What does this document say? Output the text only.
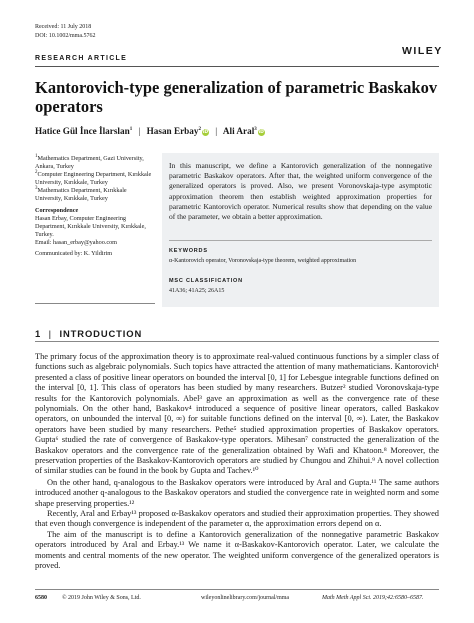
Received: 11 July 2018
DOI: 10.1002/mma.5762
RESEARCH ARTICLE
WILEY
Kantorovich-type generalization of parametric Baskakov operators
Hatice Gül İnce İlarslan$^1$ | Hasan Erbay$^2$iD | Ali Aral$^3$iD
$^1$Mathematics Department, Gazi University, Ankara, Turkey
$^2$Computer Engineering Department, Kırıkkale University, Kırıkkale, Turkey
$^3$Mathematics Department, Kırıkkale University, Kırıkkale, Turkey
Correspondence
Hasan Erbay, Computer Engineering Department, Kırıkkale University, Kırıkkale, Turkey.
Email: hasan_erbay@yahoo.com
Communicated by: K. Yildirim
In this manuscript, we define a Kantorovich generalization of the nonnegative parametric Baskakov operators. After that, the weighted uniform convergence of the generalized operators is proved. Also, we present Voronovskaja-type asymptotic approximation theorem then establish weighted approximation properties for parametric Kantorovich operator. Numerical results show that depending on the value of the parameter, we obtain a better approximation.
KEYWORDS
α-Kantorovich operator, Voronovskaja-type theorem, weighted approximation
MSC CLASSIFICATION
41A36; 41A25; 26A15
1 | INTRODUCTION
The primary focus of the approximation theory is to approximate real-valued continuous functions by a simpler class of functions such as algebraic polynomials. Such topics have attracted the attention of many mathematicians. Kantorovich¹ presented a class of positive linear operators on bounded the interval [0, 1] for Lebesgue integrable functions defined on the interval [0, 1]. This class of operators has been studied by many researchers. Butzer² studied Voronovskaja-type results for the Kantorovich polynomials. Abel³ gave an approximation as well as the convergence rate of these polynomials. On the other hand, Baskakov⁴ introduced a sequence of positive linear operators, called Baskakov operators, on unbounded the interval [0, ∞) for suitable functions defined on the interval [0, ∞). Later, the Baskakov operators have been studied by many researchers. Pethe⁵ studied approximation properties of Baskakov operators. Gupta⁶ studied the rate of convergence of Baskakov-type operators. Mihesan⁷ constructed the generalization of the Baskakov operators and the convergence rate of the generalization obtained by Wafi and Khatoon.⁸ Moreover, the preservation properties of the Baskakov-Kantorovich operators are studied by Chungou and Zhihui.⁹ A novel collection of similar studies can be found in the book by Gupta and Tachev.¹⁰
On the other hand, q-analogous to the Baskakov operators were introduced by Aral and Gupta.¹¹ The same authors introduced another q-analogous to the Baskakov operators and studied the convergence rate in weighted norm and some shape preserving properties.¹²
Recently, Aral and Erbay¹³ proposed α-Baskakov operators and studied their approximation properties. They showed that even though convergence is independent of the parameter α, the approximation errors depend on α.
The aim of the manuscript is to define a Kantorovich generalization of the nonnegative parametric Baskakov operators introduced by Aral and Erbay.¹³ We name it α-Baskakov-Kantorovich operator. Later, we calculate the moments and central moments of the new operator. The weighted uniform convergence of the generalized operators is proved.
6580	© 2019 John Wiley & Sons, Ltd.	wileyonlinelibrary.com/journal/mma	Math Meth Appl Sci. 2019;42:6580–6587.
